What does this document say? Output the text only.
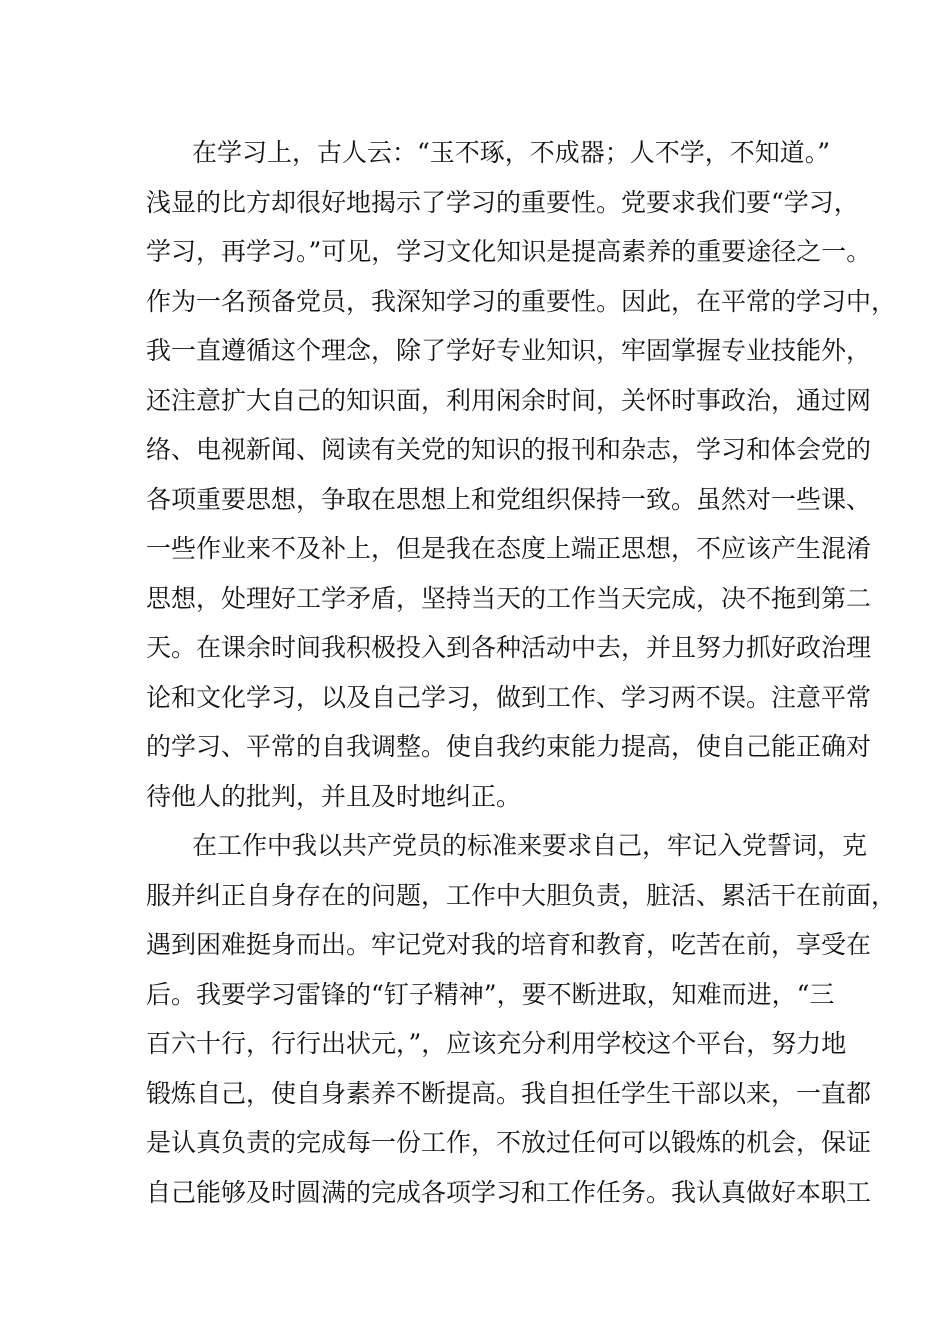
在学习上，古人云：“玉不琢，不成器；人不学，不知道。”
浅显的比方却很好地揭示了学习的重要性。党要求我们要“学习，
学习，再学习。”可见，学习文化知识是提高素养的重要途径之一。
作为一名预备党员，我深知学习的重要性。因此，在平常的学习中，
我一直遵循这个理念，除了学好专业知识，牢固掌握专业技能外，
还注意扩大自己的知识面，利用闲余时间，关怀时事政治，通过网
络、电视新闻、阅读有关党的知识的报刊和杂志，学习和体会党的
各项重要思想，争取在思想上和党组织保持一致。虽然对一些课、
一些作业来不及补上，但是我在态度上端正思想，不应该产生混淆
思想，处理好工学矛盾，坚持当天的工作当天完成，决不拖到第二
天。在课余时间我积极投入到各种活动中去，并且努力抓好政治理
论和文化学习，以及自己学习，做到工作、学习两不误。注意平常
的学习、平常的自我调整。使自我约束能力提高，使自己能正确对
待他人的批判，并且及时地纠正。
在工作中我以共产党员的标准来要求自己，牢记入党誓词，克
服并纠正自身存在的问题，工作中大胆负责，脏活、累活干在前面，
遇到困难挺身而出。牢记党对我的培育和教育，吃苦在前，享受在
后。我要学习雷锋的“钉子精神”，要不断进取，知难而进，“三
百六十行，行行出状元，”，应该充分利用学校这个平台，努力地
锻炼自己，使自身素养不断提高。我自担任学生干部以来，一直都
是认真负责的完成每一份工作，不放过任何可以锻炼的机会，保证
自己能够及时圆满的完成各项学习和工作任务。我认真做好本职工
